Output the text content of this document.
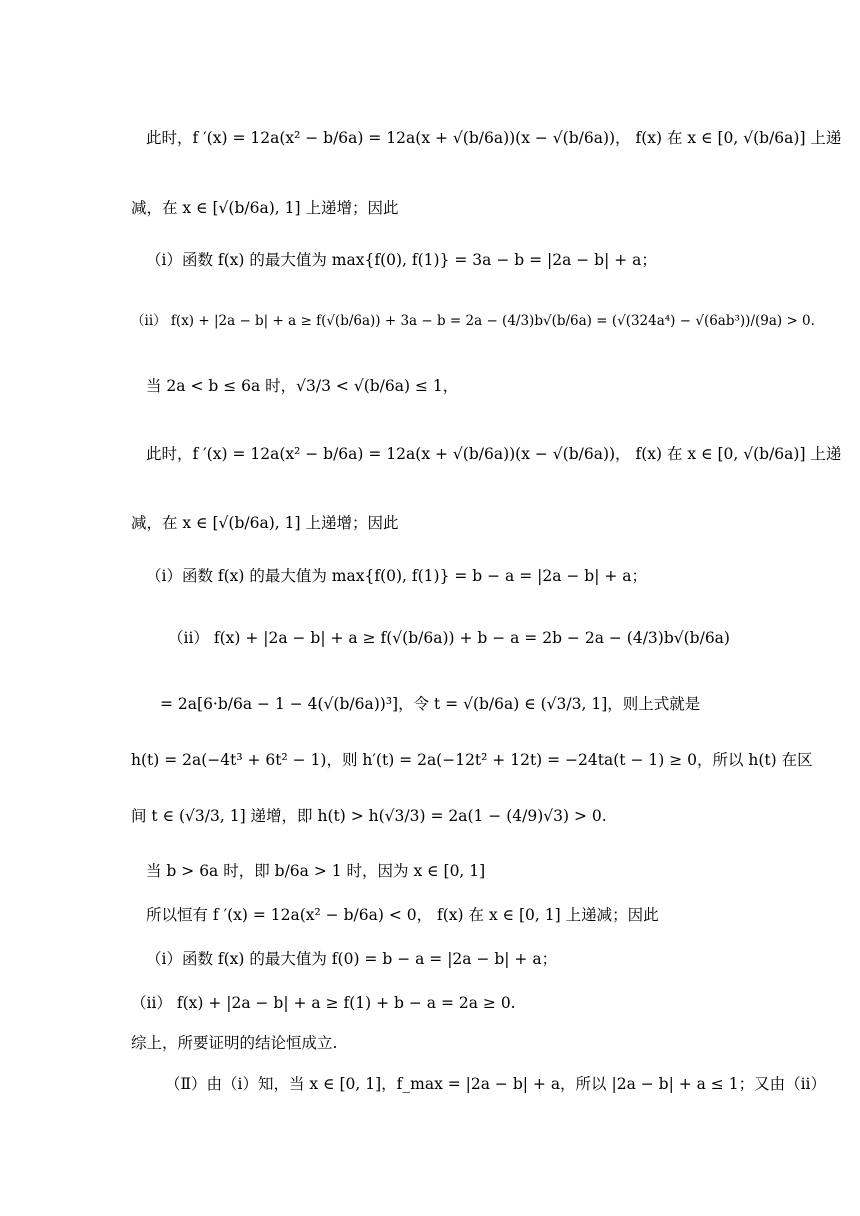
此时，f ′(x) = 12a(x² − b/6a) = 12a(x + √(b/6a))(x − √(b/6a))， f(x) 在 x ∈ [0, √(b/6a)] 上递
减，在 x ∈ [√(b/6a), 1] 上递增；因此
（i）函数 f(x) 的最大值为 max{f(0), f(1)} = 3a − b = |2a − b| + a；
（ii） f(x) + |2a − b| + a ≥ f(√(b/6a)) + 3a − b = 2a − (4/3)b√(b/6a) = (√(324a⁴) − √(6ab³))/(9a) > 0.
当 2a < b ≤ 6a 时，√3/3 < √(b/6a) ≤ 1，
此时，f ′(x) = 12a(x² − b/6a) = 12a(x + √(b/6a))(x − √(b/6a))， f(x) 在 x ∈ [0, √(b/6a)] 上递
减，在 x ∈ [√(b/6a), 1] 上递增；因此
（i）函数 f(x) 的最大值为 max{f(0), f(1)} = b − a = |2a − b| + a；
（ii） f(x) + |2a − b| + a ≥ f(√(b/6a)) + b − a = 2b − 2a − (4/3)b√(b/6a)
= 2a[6·b/6a − 1 − 4(√(b/6a))³]，令 t = √(b/6a) ∈ (√3/3, 1]，则上式就是
h(t) = 2a(−4t³ + 6t² − 1)，则 h′(t) = 2a(−12t² + 12t) = −24ta(t − 1) ≥ 0，所以 h(t) 在区
间 t ∈ (√3/3, 1] 递增，即 h(t) > h(√3/3) = 2a(1 − (4/9)√3) > 0.
当 b > 6a 时，即 b/6a > 1 时，因为 x ∈ [0, 1]
所以恒有 f ′(x) = 12a(x² − b/6a) < 0， f(x) 在 x ∈ [0, 1] 上递减；因此
（i）函数 f(x) 的最大值为 f(0) = b − a = |2a − b| + a；
（ii） f(x) + |2a − b| + a ≥ f(1) + b − a = 2a ≥ 0.
综上，所要证明的结论恒成立.
（Ⅱ）由（i）知，当 x ∈ [0, 1]，f_max = |2a − b| + a，所以 |2a − b| + a ≤ 1；又由（ii）
